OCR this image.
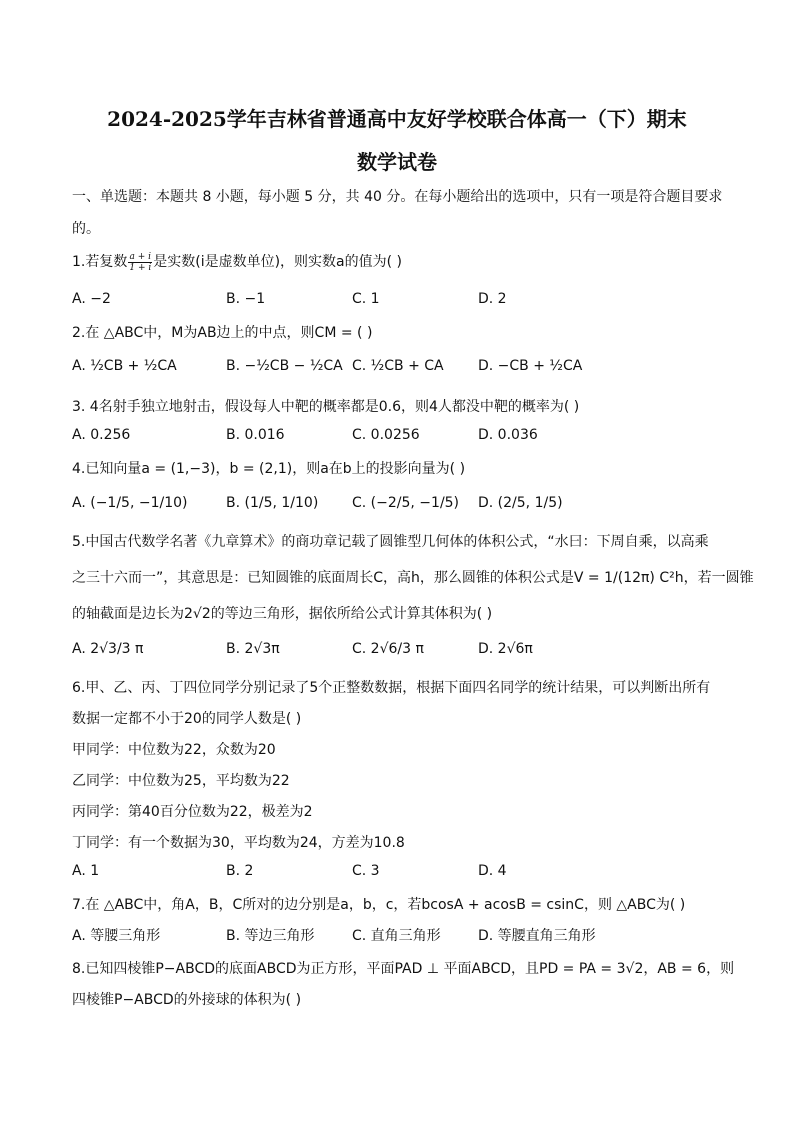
2024-2025学年吉林省普通高中友好学校联合体高一（下）期末
数学试卷
一、单选题：本题共 8 小题，每小题 5 分，共 40 分。在每小题给出的选项中，只有一项是符合题目要求
的。
1.若复数 $\frac{a + i}{1 + i}$ 是实数(i是虚数单位)，则实数a的值为( )
A. −2	B. −1	C. 1	D. 2
2.在 △ABC中，M为AB边上的中点，则CM = ( )
A. ½CB + ½CA	B. −½CB − ½CA C. ½CB + CA D. −CB + ½CA
3. 4名射手独立地射击，假设每人中靶的概率都是0.6，则4人都没中靶的概率为( )
A. 0.256	B. 0.016	C. 0.0256	D. 0.036
4.已知向量a = (1,−3)，b = (2,1)，则a在b上的投影向量为( )
A. (−1/5, −1/10)	B. (1/5, 1/10) C. (−2/5, −1/5) D. (2/5, 1/5)
5.中国古代数学名著《九章算术》的商功章记载了圆锥型几何体的体积公式，“水曰：下周自乘，以高乘
之三十六而一”，其意思是：已知圆锥的底面周长C，高h，那么圆锥的体积公式是V = 1/(12π) C²h，若一圆锥
的轴截面是边长为2√2的等边三角形，据依所给公式计算其体积为( )
A. 2√3/3 π	B. 2√3π	C. 2√6/3 π	D. 2√6π
6.甲、乙、丙、丁四位同学分别记录了5个正整数数据，根据下面四名同学的统计结果，可以判断出所有
数据一定都不小于20的同学人数是( )
甲同学：中位数为22，众数为20
乙同学：中位数为25，平均数为22
丙同学：第40百分位数为22，极差为2
丁同学：有一个数据为30，平均数为24，方差为10.8
A. 1	B. 2	C. 3	D. 4
7.在 △ABC中，角A，B，C所对的边分别是a，b，c，若bcosA + acosB = csinC，则 △ABC为( )
A. 等腰三角形	B. 等边三角形	C. 直角三角形	D. 等腰直角三角形
8.已知四棱锥P−ABCD的底面ABCD为正方形，平面PAD ⊥ 平面ABCD，且PD = PA = 3√2，AB = 6，则
四棱锥P−ABCD的外接球的体积为( )
